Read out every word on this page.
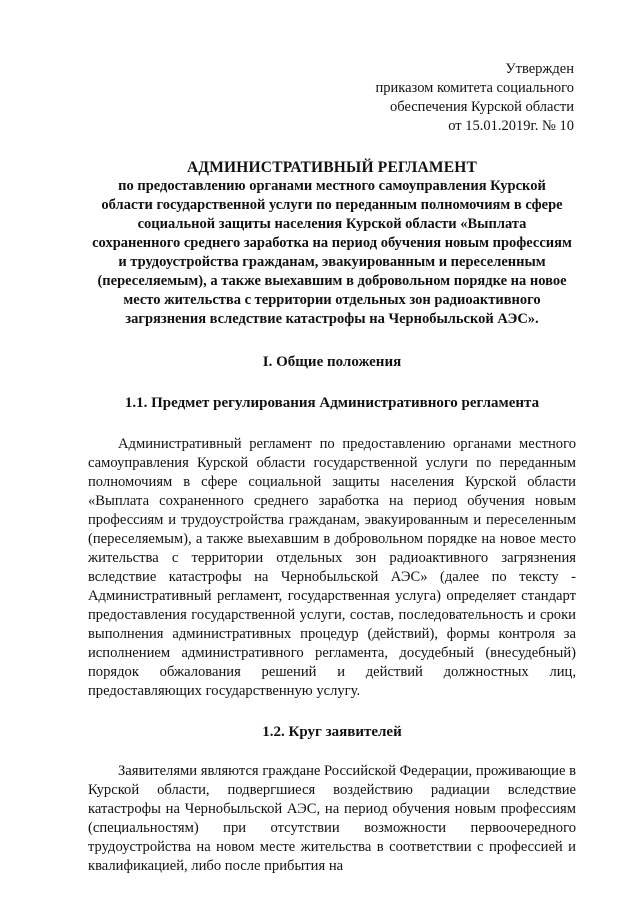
Утвержден
приказом комитета социального
обеспечения Курской области
от 15.01.2019г. № 10
АДМИНИСТРАТИВНЫЙ РЕГЛАМЕНТ
по предоставлению органами местного самоуправления Курской области государственной услуги по переданным полномочиям в сфере социальной защиты населения Курской области «Выплата сохраненного среднего заработка на период обучения новым профессиям и трудоустройства гражданам, эвакуированным и переселенным (переселяемым), а также выехавшим в добровольном порядке на новое место жительства с территории отдельных зон радиоактивного загрязнения вследствие катастрофы на Чернобыльской АЭС».
I. Общие положения
1.1. Предмет регулирования Административного регламента

Административный регламент по предоставлению органами местного самоуправления Курской области государственной услуги по переданным полномочиям в сфере социальной защиты населения Курской области «Выплата сохраненного среднего заработка на период обучения новым профессиям и трудоустройства гражданам, эвакуированным и переселенным (переселяемым), а также выехавшим в добровольном порядке на новое место жительства с территории отдельных зон радиоактивного загрязнения вследствие катастрофы на Чернобыльской АЭС» (далее по тексту - Административный регламент, государственная услуга) определяет стандарт предоставления государственной услуги, состав, последовательность и сроки выполнения административных процедур (действий), формы контроля за исполнением административного регламента, досудебный (внесудебный) порядок обжалования решений и действий должностных лиц, предоставляющих государственную услугу.

1.2. Круг заявителей

Заявителями являются граждане Российской Федерации, проживающие в Курской области, подвергшиеся воздействию радиации вследствие катастрофы на Чернобыльской АЭС, на период обучения новым профессиям (специальностям) при отсутствии возможности первоочередного трудоустройства на новом месте жительства в соответствии с профессией и квалификацией, либо после прибытия на
